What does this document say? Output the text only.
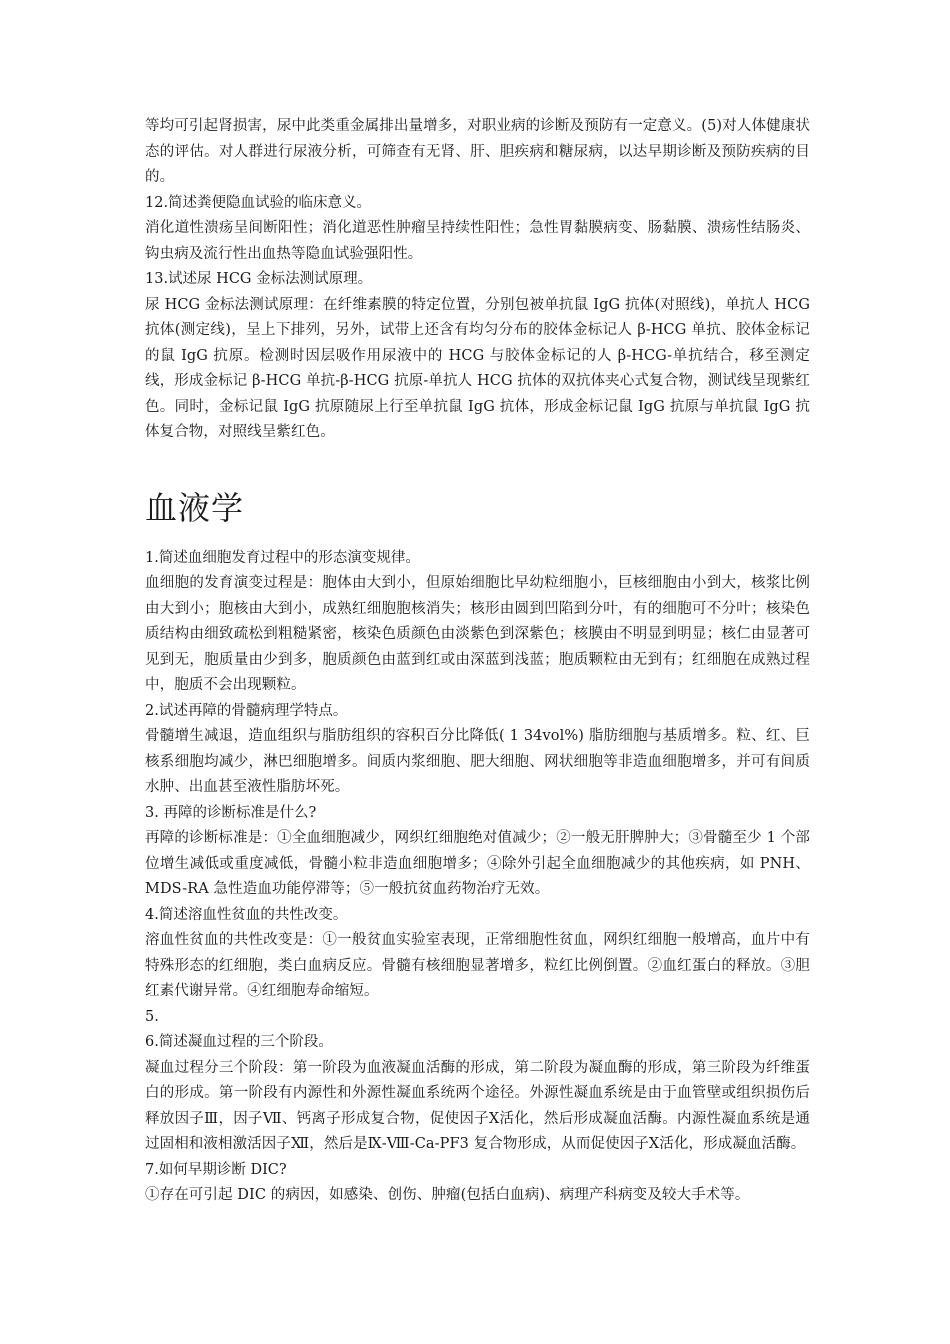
等均可引起肾损害，尿中此类重金属排出量增多，对职业病的诊断及预防有一定意义。(5)对人体健康状态的评估。对人群进行尿液分析，可筛查有无肾、肝、胆疾病和糖尿病，以达早期诊断及预防疾病的目的。

12.简述粪便隐血试验的临床意义。

消化道性溃疡呈间断阳性；消化道恶性肿瘤呈持续性阳性；急性胃黏膜病变、肠黏膜、溃疡性结肠炎、钩虫病及流行性出血热等隐血试验强阳性。

13.试述尿 HCG 金标法测试原理。

尿 HCG 金标法测试原理：在纤维素膜的特定位置，分别包被单抗鼠 IgG 抗体(对照线)，单抗人 HCG 抗体(测定线)，呈上下排列，另外，试带上还含有均匀分布的胶体金标记人 β-HCG 单抗、胶体金标记的鼠 IgG 抗原。检测时因层吸作用尿液中的 HCG 与胶体金标记的人 β-HCG-单抗结合，移至测定线，形成金标记 β-HCG 单抗-β-HCG 抗原-单抗人 HCG 抗体的双抗体夹心式复合物，测试线呈现紫红色。同时，金标记鼠 IgG 抗原随尿上行至单抗鼠 IgG 抗体，形成金标记鼠 IgG 抗原与单抗鼠 IgG 抗体复合物，对照线呈紫红色。

血液学

1.简述血细胞发育过程中的形态演变规律。

血细胞的发育演变过程是：胞体由大到小，但原始细胞比早幼粒细胞小，巨核细胞由小到大，核浆比例由大到小；胞核由大到小，成熟红细胞胞核消失；核形由圆到凹陷到分叶，有的细胞可不分叶；核染色质结构由细致疏松到粗糙紧密，核染色质颜色由淡紫色到深紫色；核膜由不明显到明显；核仁由显著可见到无，胞质量由少到多，胞质颜色由蓝到红或由深蓝到浅蓝；胞质颗粒由无到有；红细胞在成熟过程中，胞质不会出现颗粒。

2.试述再障的骨髓病理学特点。

骨髓增生减退，造血组织与脂肪组织的容积百分比降低( 1 34vol%) 脂肪细胞与基质增多。粒、红、巨核系细胞均减少，淋巴细胞增多。间质内浆细胞、肥大细胞、网状细胞等非造血细胞增多，并可有间质水肿、出血甚至液性脂肪坏死。

3. 再障的诊断标准是什么?

再障的诊断标准是：①全血细胞减少，网织红细胞绝对值减少；②一般无肝脾肿大；③骨髓至少 1 个部位增生减低或重度减低，骨髓小粒非造血细胞增多；④除外引起全血细胞减少的其他疾病，如 PNH、MDS-RA 急性造血功能停滞等；⑤一般抗贫血药物治疗无效。

4.简述溶血性贫血的共性改变。

溶血性贫血的共性改变是：①一般贫血实验室表现，正常细胞性贫血，网织红细胞一般增高，血片中有特殊形态的红细胞，类白血病反应。骨髓有核细胞显著增多，粒红比例倒置。②血红蛋白的释放。③胆红素代谢异常。④红细胞寿命缩短。

5.

6.简述凝血过程的三个阶段。

凝血过程分三个阶段：第一阶段为血液凝血活酶的形成，第二阶段为凝血酶的形成，第三阶段为纤维蛋白的形成。第一阶段有内源性和外源性凝血系统两个途径。外源性凝血系统是由于血管壁或组织损伤后释放因子Ⅲ，因子Ⅶ、钙离子形成复合物，促使因子Ⅹ活化，然后形成凝血活酶。内源性凝血系统是通过固相和液相激活因子Ⅻ，然后是Ⅸ-Ⅷ-Ca-PF3 复合物形成，从而促使因子Ⅹ活化，形成凝血活酶。

7.如何早期诊断 DIC?

①存在可引起 DIC 的病因，如感染、创伤、肿瘤(包括白血病)、病理产科病变及较大手术等。
